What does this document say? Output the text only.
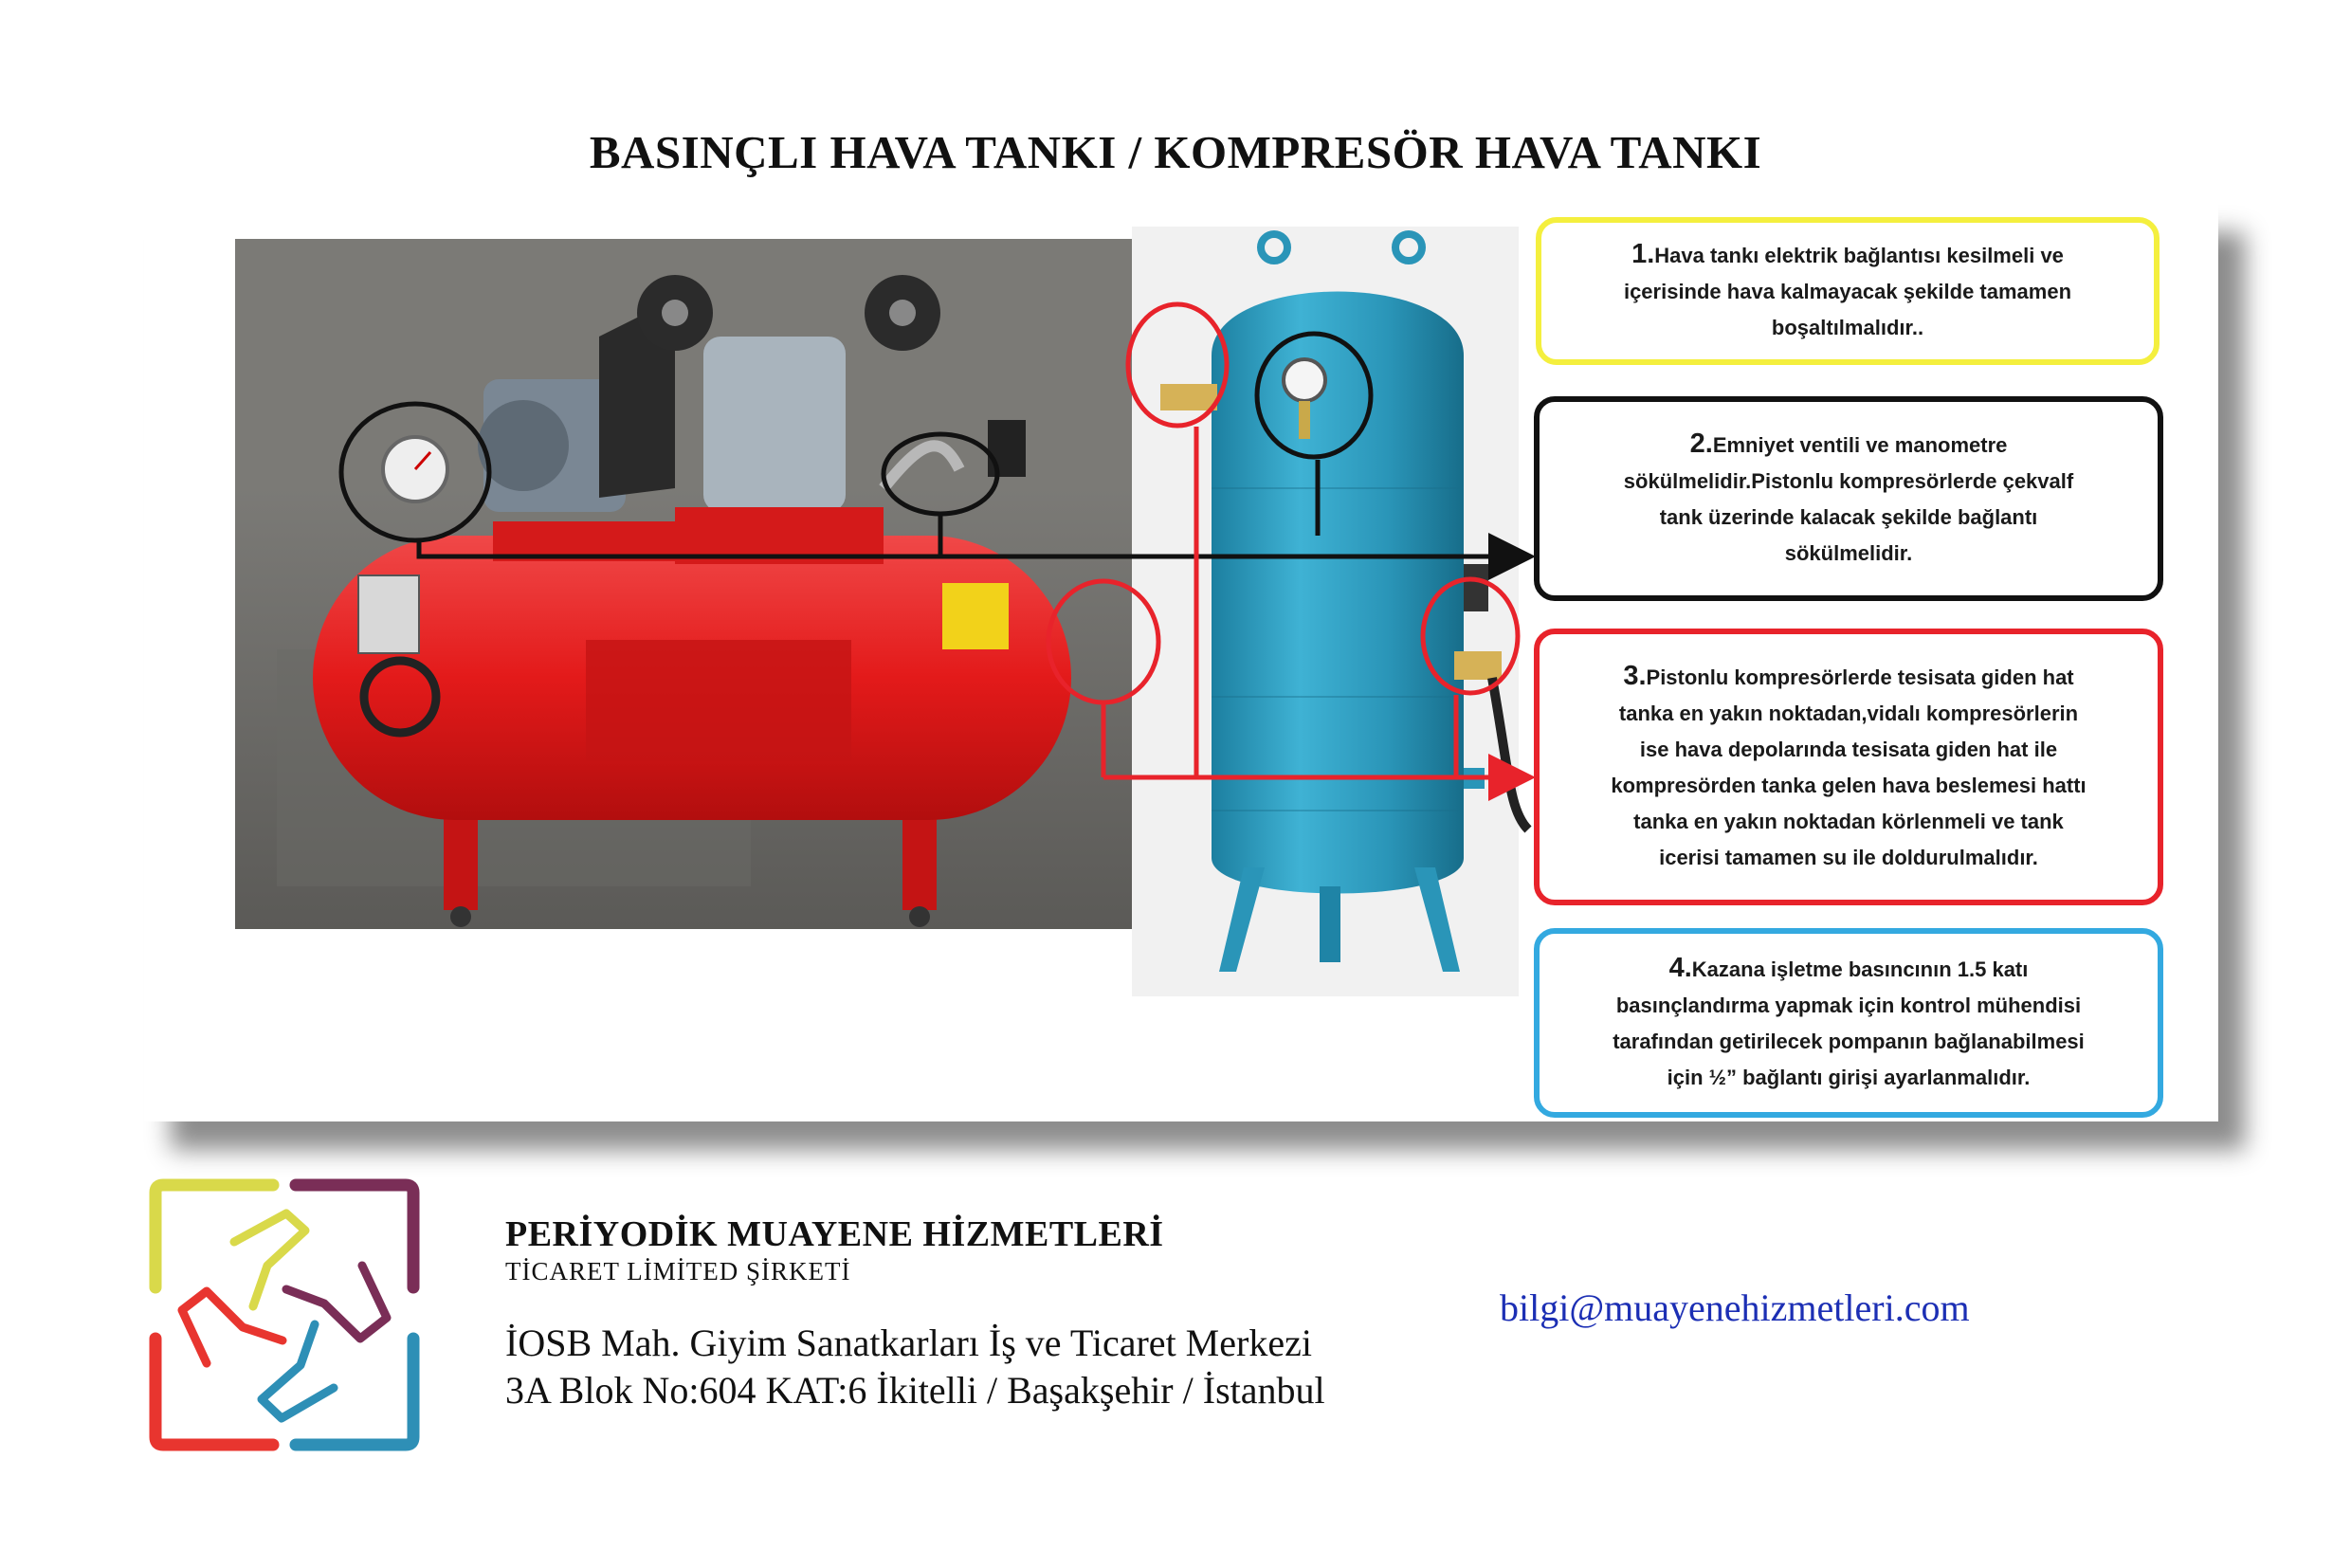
BASINÇLI HAVA TANKI / KOMPRESÖR HAVA TANKI
1.Hava tankı elektrik bağlantısı kesilmeli ve
içerisinde hava kalmayacak şekilde tamamen
boşaltılmalıdır..
2.Emniyet ventili ve manometre
sökülmelidir.Pistonlu kompresörlerde çekvalf
tank üzerinde kalacak şekilde bağlantı
sökülmelidir.
3.Pistonlu kompresörlerde tesisata giden hat
tanka en yakın noktadan,vidalı kompresörlerin
ise hava depolarında tesisata giden hat ile
kompresörden tanka gelen hava beslemesi hattı
tanka en yakın noktadan körlenmeli ve tank
icerisi tamamen su ile doldurulmalıdır.
4.Kazana işletme basıncının 1.5 katı
basınçlandırma yapmak için kontrol mühendisi
tarafından getirilecek pompanın bağlanabilmesi
için ½” bağlantı girişi ayarlanmalıdır.
PERİYODİK MUAYENE HİZMETLERİ
TİCARET LİMİTED ŞİRKETİ
İOSB Mah. Giyim Sanatkarları İş ve Ticaret Merkezi
3A Blok No:604 KAT:6 İkitelli / Başakşehir / İstanbul
bilgi@muayenehizmetleri.com
